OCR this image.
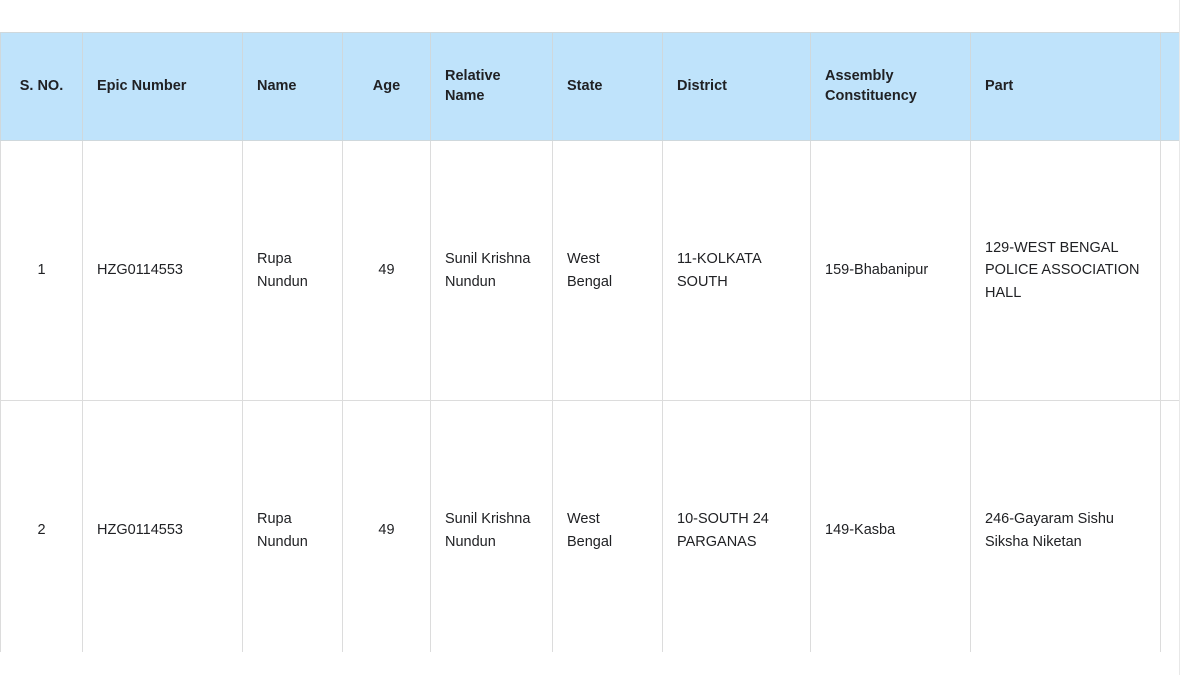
S. NO.	Epic Number	Name	Age	Relative Name	State	District	Assembly Constituency	Part	
1	HZG0114553	Rupa Nundun	49	Sunil Krishna Nundun	West Bengal	11-KOLKATA SOUTH	159-Bhabanipur	129-WEST BENGAL POLICE ASSOCIATION HALL	
2	HZG0114553	Rupa Nundun	49	Sunil Krishna Nundun	West Bengal	10-SOUTH 24 PARGANAS	149-Kasba	246-Gayaram Sishu Siksha Niketan	
